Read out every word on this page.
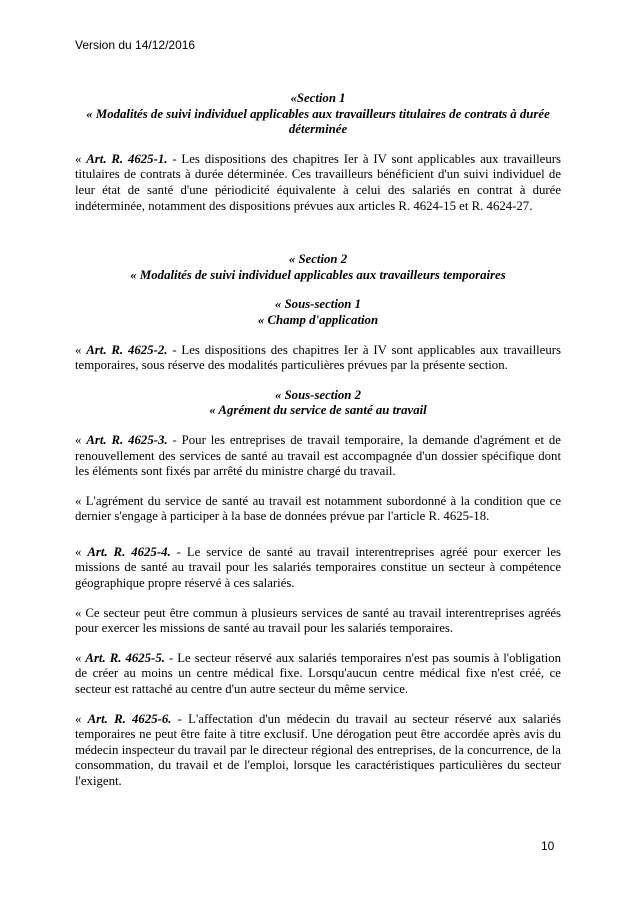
Version du 14/12/2016

«Section 1

« Modalités de suivi individuel applicables aux travailleurs titulaires de contrats à durée déterminée

« Art. R. 4625-1. - Les dispositions des chapitres Ier à IV sont applicables aux travailleurs titulaires de contrats à durée déterminée. Ces travailleurs bénéficient d'un suivi individuel de leur état de santé d'une périodicité équivalente à celui des salariés en contrat à durée indéterminée, notamment des dispositions prévues aux articles R. 4624-15 et R. 4624-27.

« Section 2

« Modalités de suivi individuel applicables aux travailleurs temporaires

« Sous-section 1

« Champ d'application

« Art. R. 4625-2. - Les dispositions des chapitres Ier à IV sont applicables aux travailleurs temporaires, sous réserve des modalités particulières prévues par la présente section.

« Sous-section 2

« Agrément du service de santé au travail

« Art. R. 4625-3. - Pour les entreprises de travail temporaire, la demande d'agrément et de renouvellement des services de santé au travail est accompagnée d'un dossier spécifique dont les éléments sont fixés par arrêté du ministre chargé du travail.

« L'agrément du service de santé au travail est notamment subordonné à la condition que ce dernier s'engage à participer à la base de données prévue par l'article R. 4625-18.

« Art. R. 4625-4. - Le service de santé au travail interentreprises agréé pour exercer les missions de santé au travail pour les salariés temporaires constitue un secteur à compétence géographique propre réservé à ces salariés.

« Ce secteur peut être commun à plusieurs services de santé au travail interentreprises agréés pour exercer les missions de santé au travail pour les salariés temporaires.

« Art. R. 4625-5. - Le secteur réservé aux salariés temporaires n'est pas soumis à l'obligation de créer au moins un centre médical fixe. Lorsqu'aucun centre médical fixe n'est créé, ce secteur est rattaché au centre d'un autre secteur du même service.

« Art. R. 4625-6. - L'affectation d'un médecin du travail au secteur réservé aux salariés temporaires ne peut être faite à titre exclusif. Une dérogation peut être accordée après avis du médecin inspecteur du travail par le directeur régional des entreprises, de la concurrence, de la consommation, du travail et de l'emploi, lorsque les caractéristiques particulières du secteur l'exigent.

10
